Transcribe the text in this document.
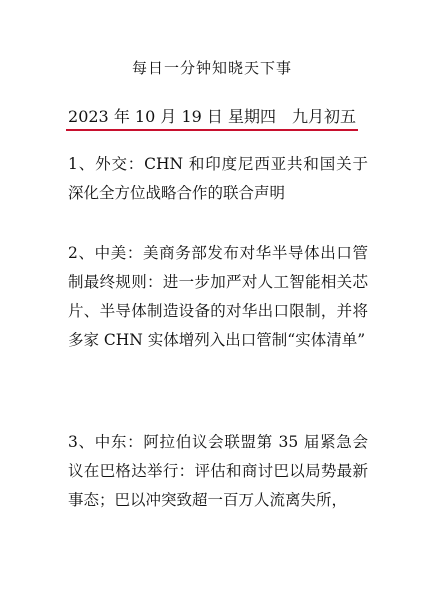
每日一分钟知晓天下事
2023 年 10 月 19 日 星期四　九月初五
1、外交：CHN 和印度尼西亚共和国关于深化全方位战略合作的联合声明
2、中美：美商务部发布对华半导体出口管制最终规则：进一步加严对人工智能相关芯片、半导体制造设备的对华出口限制，并将多家 CHN 实体增列入出口管制“实体清单”
3、中东：阿拉伯议会联盟第 35 届紧急会议在巴格达举行：评估和商讨巴以局势最新事态；巴以冲突致超一百万人流离失所，
